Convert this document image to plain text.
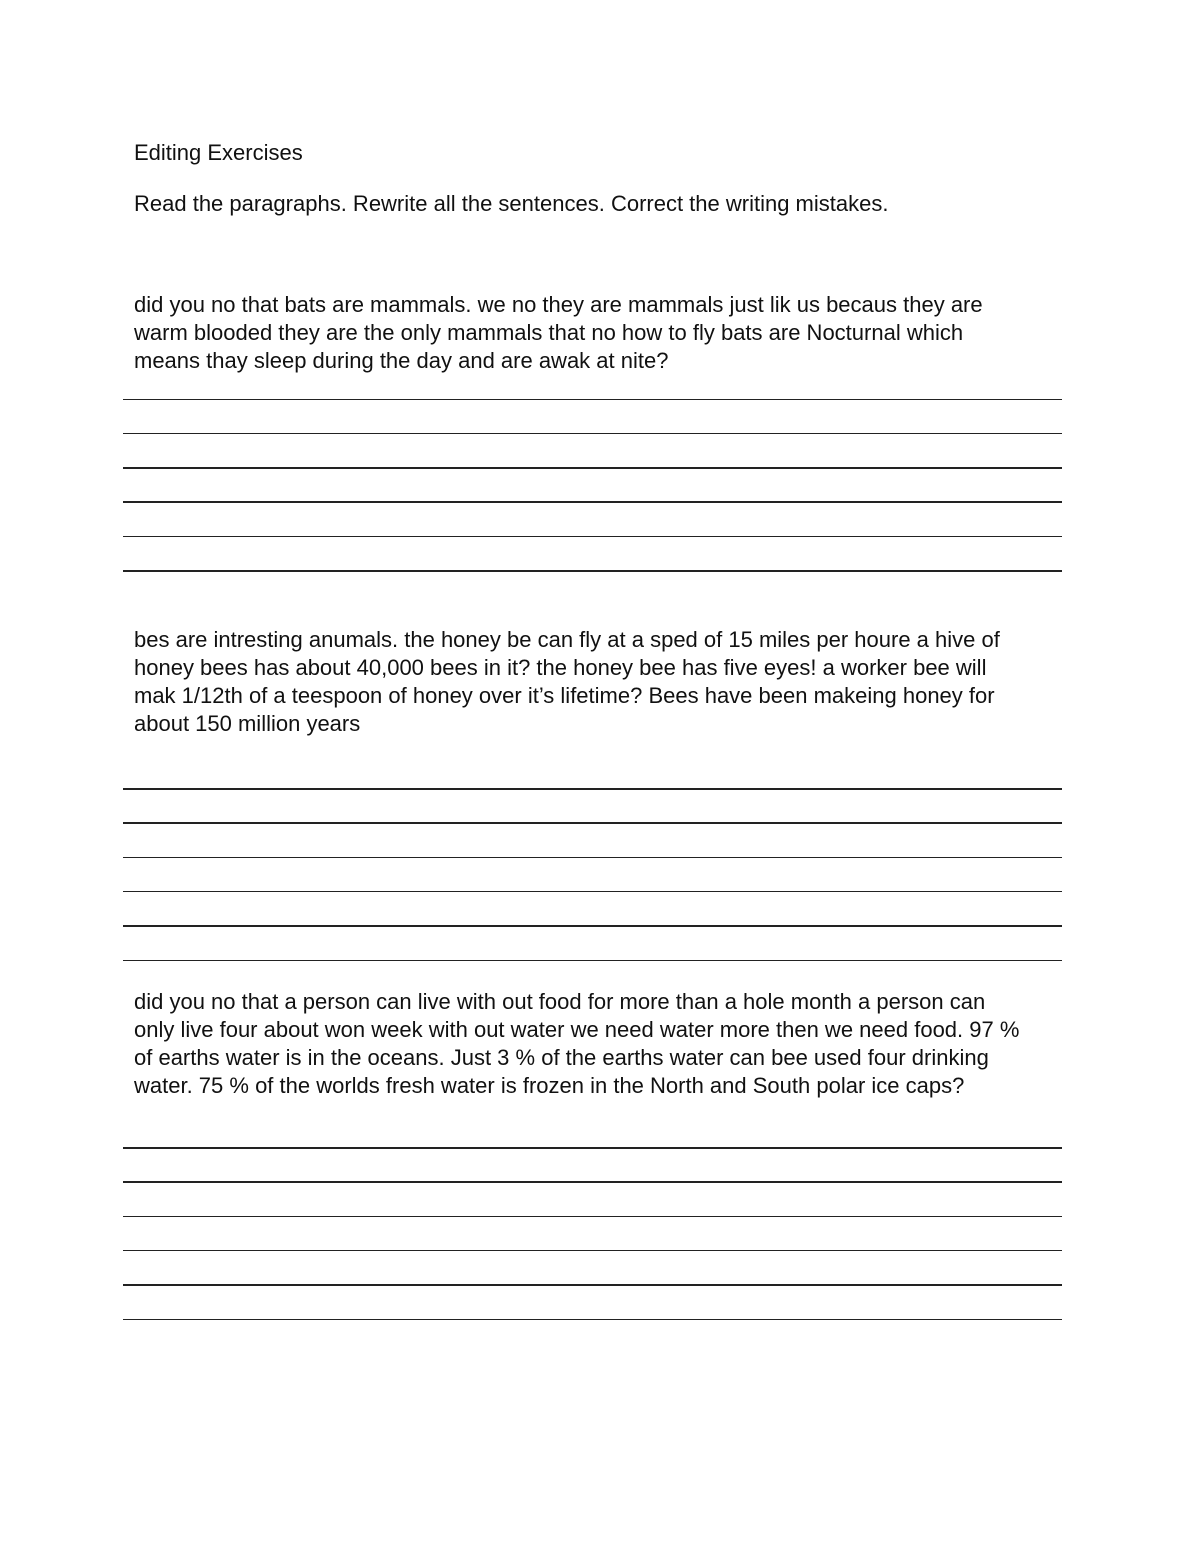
Editing Exercises
Read the paragraphs. Rewrite all the sentences. Correct the writing mistakes.
did you no that bats are mammals. we no they are mammals just lik us becaus they are
warm blooded they are the only mammals that no how to fly bats are Nocturnal which
means thay sleep during the day and are awak at nite?
bes are intresting anumals. the honey be can fly at a sped of 15 miles per houre a hive of
honey bees has about 40,000 bees in it? the honey bee has five eyes! a worker bee will
mak 1/12th of a teespoon of honey over it’s lifetime? Bees have been makeing honey for
about 150 million years
did you no that a person can live with out food for more than a hole month a person can
only live four about won week with out water we need water more then we need food. 97 %
of earths water is in the oceans. Just 3 % of the earths water can bee used four drinking
water. 75 % of the worlds fresh water is frozen in the North and South polar ice caps?
